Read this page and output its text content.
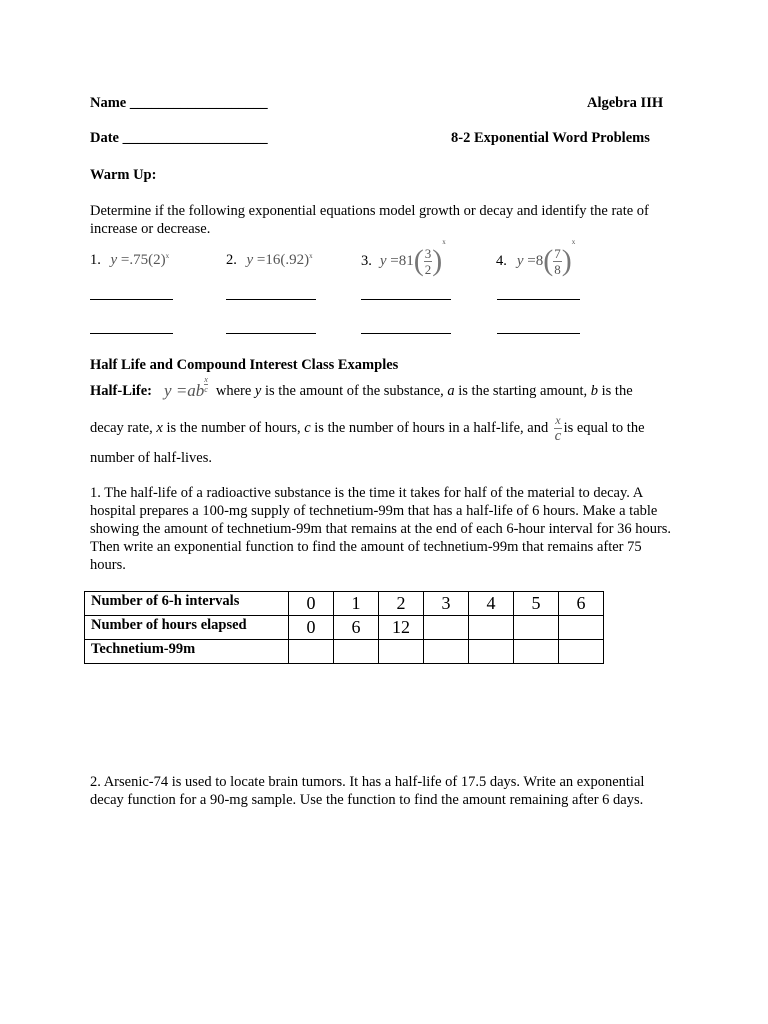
Name ___________________	Algebra IIH
Date ____________________	8-2 Exponential Word Problems
Warm Up:
Determine if the following exponential equations model growth or decay and identify the rate of increase or decrease.
1. $y =.75(2)^x$	2. $y =16(.92)^x$	3. y =81 ( $\frac{3}{2}$ )
x
4. y =8 ( $\frac{7}{8}$ )
x
Half Life and Compound Interest Class Examples
Half-Life: y =ab
x
c where y is the amount of the substance, a is the starting amount, b is the
decay rate,
x
is the number of hours,
c
is the number of hours in a half-life, and $\frac{x}{c}$ is equal to the
number of half-lives.
1. The half-life of a radioactive substance is the time it takes for half of the material to decay. A hospital prepares a 100-mg supply of technetium-99m that has a half-life of 6 hours. Make a table showing the amount of technetium-99m that remains at the end of each 6-hour interval for 36 hours. Then write an exponential function to find the amount of technetium-99m that remains after 75 hours.
Number of 6-h intervals	0	1	2	3	4	5	6
Number of hours elapsed	0	6	12				
Technetium-99m							
2. Arsenic-74 is used to locate brain tumors. It has a half-life of 17.5 days. Write an exponential decay function for a 90-mg sample. Use the function to find the amount remaining after 6 days.
